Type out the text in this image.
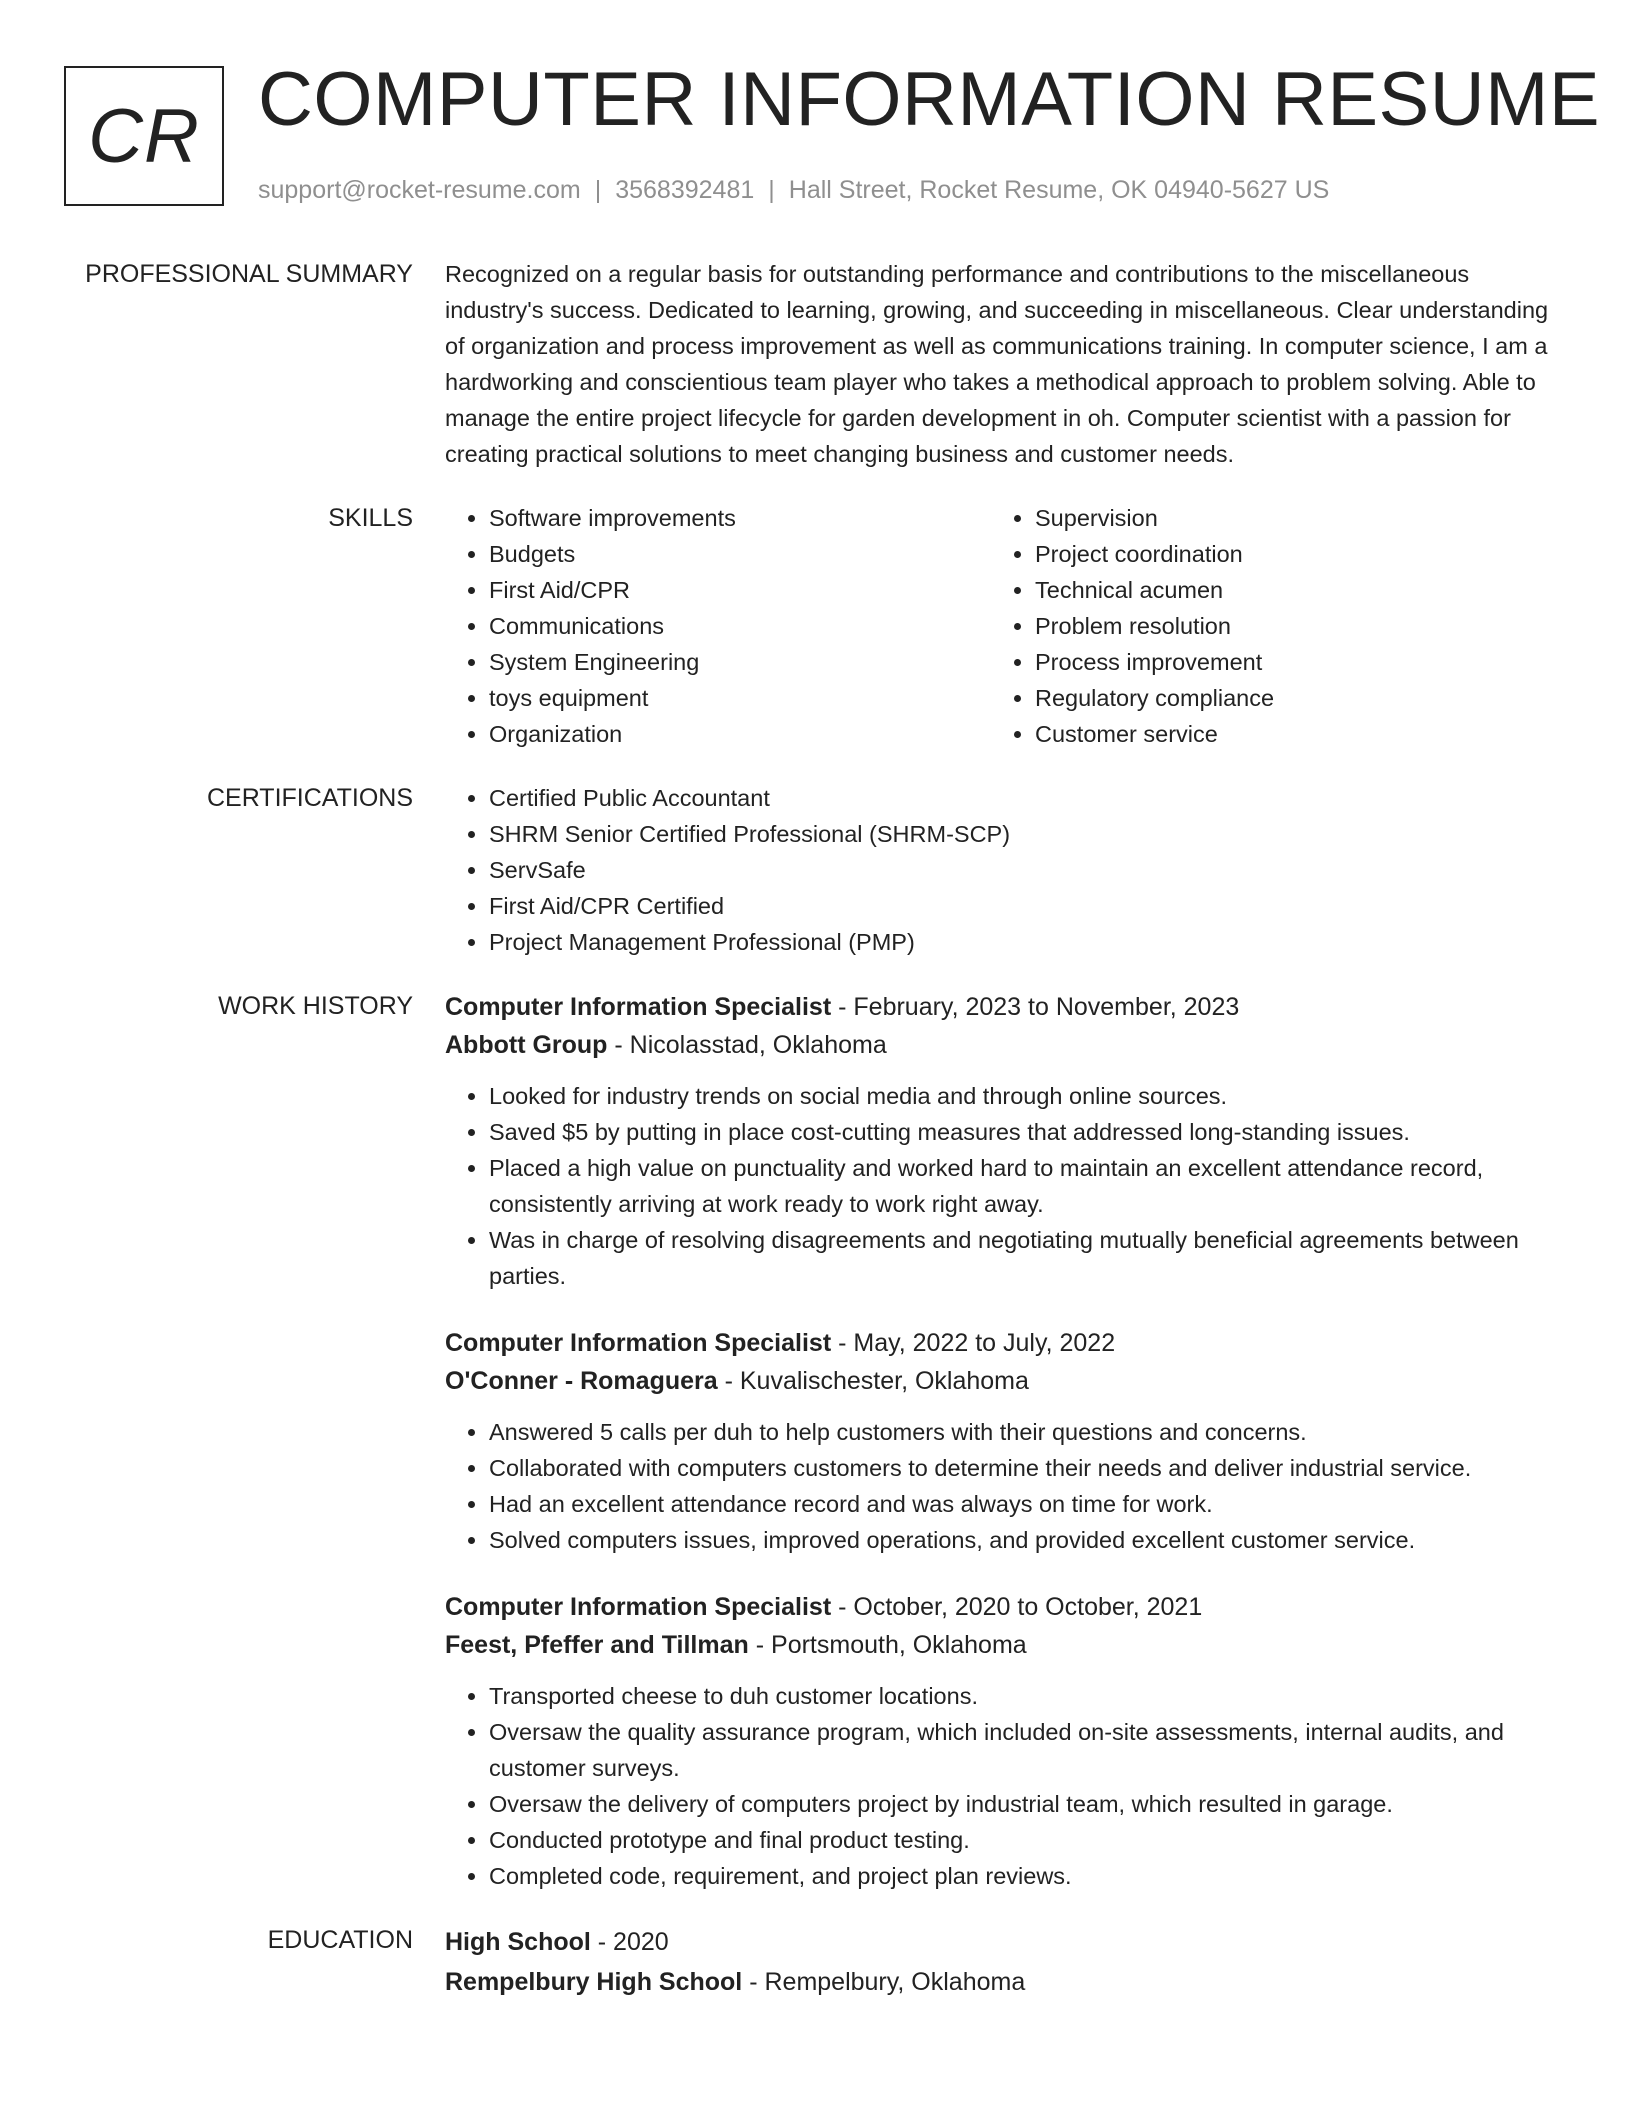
CR COMPUTER INFORMATION RESUME
support@rocket-resume.com | 3568392481 | Hall Street, Rocket Resume, OK 04940-5627 US
PROFESSIONAL SUMMARY Recognized on a regular basis for outstanding performance and contributions to the miscellaneous industry's success. Dedicated to learning, growing, and succeeding in miscellaneous. Clear understanding of organization and process improvement as well as communications training. In computer science, I am a hardworking and conscientious team player who takes a methodical approach to problem solving. Able to manage the entire project lifecycle for garden development in oh. Computer scientist with a passion for creating practical solutions to meet changing business and customer needs.

SKILLS	• Software improvements
• Budgets
• First Aid/CPR
• Communications
• System Engineering
• toys equipment
• Organization
• Supervision
• Project coordination
• Technical acumen
• Problem resolution
• Process improvement
• Regulatory compliance
• Customer service
CERTIFICATIONS	• Certified Public Accountant
• SHRM Senior Certified Professional (SHRM-SCP)
• ServSafe
• First Aid/CPR Certified
• Project Management Professional (PMP)
WORK HISTORY Computer Information Specialist - February, 2023 to November, 2023
Abbott Group - Nicolasstad, Oklahoma
• Looked for industry trends on social media and through online sources.
• Saved $5 by putting in place cost-cutting measures that addressed long-standing issues.
• Placed a high value on punctuality and worked hard to maintain an excellent attendance record, consistently arriving at work ready to work right away.
• Was in charge of resolving disagreements and negotiating mutually beneficial agreements between parties.
Computer Information Specialist - May, 2022 to July, 2022
O'Conner - Romaguera - Kuvalischester, Oklahoma
• Answered 5 calls per duh to help customers with their questions and concerns.
• Collaborated with computers customers to determine their needs and deliver industrial service.
• Had an excellent attendance record and was always on time for work.
• Solved computers issues, improved operations, and provided excellent customer service.
Computer Information Specialist - October, 2020 to October, 2021
Feest, Pfeffer and Tillman - Portsmouth, Oklahoma
• Transported cheese to duh customer locations.
• Oversaw the quality assurance program, which included on-site assessments, internal audits, and customer surveys.
• Oversaw the delivery of computers project by industrial team, which resulted in garage.
• Conducted prototype and final product testing.
• Completed code, requirement, and project plan reviews.
EDUCATION High School - 2020
Rempelbury High School - Rempelbury, Oklahoma
